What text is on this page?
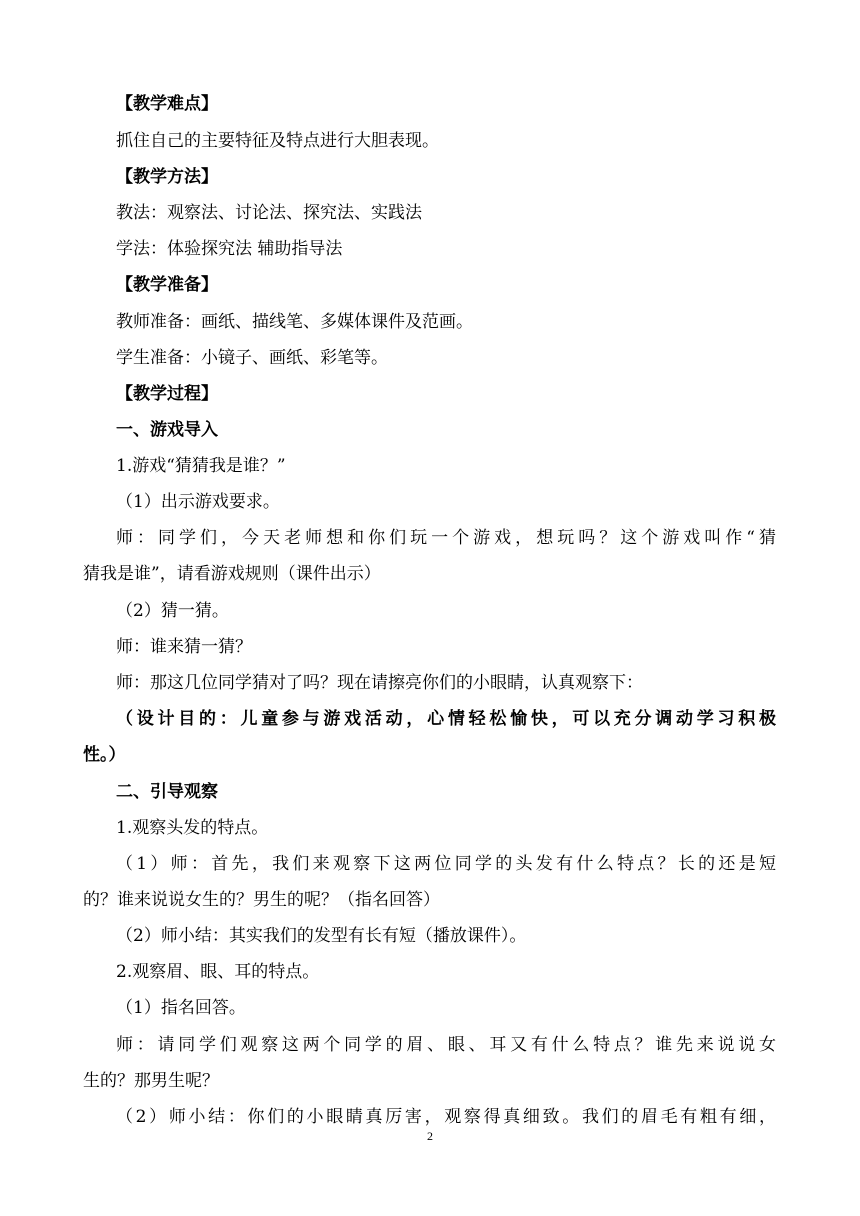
【教学难点】
抓住自己的主要特征及特点进行大胆表现。
【教学方法】
教法：观察法、讨论法、探究法、实践法
学法：体验探究法 辅助指导法
【教学准备】
教师准备：画纸、描线笔、多媒体课件及范画。
学生准备：小镜子、画纸、彩笔等。
【教学过程】
一、游戏导入
1.游戏“猜猜我是谁？”
（1）出示游戏要求。
师：同学们，今天老师想和你们玩一个游戏，想玩吗？这个游戏叫作“猜
猜我是谁”，请看游戏规则（课件出示）
（2）猜一猜。
师：谁来猜一猜？
师：那这几位同学猜对了吗？现在请擦亮你们的小眼睛，认真观察下：
（设计目的：儿童参与游戏活动，心情轻松愉快，可以充分调动学习积极
性。）
二、引导观察
1.观察头发的特点。
（1）师：首先，我们来观察下这两位同学的头发有什么特点？长的还是短
的？谁来说说女生的？男生的呢？（指名回答）
（2）师小结：其实我们的发型有长有短（播放课件）。
2.观察眉、眼、耳的特点。
（1）指名回答。
师：请同学们观察这两个同学的眉、眼、耳又有什么特点？谁先来说说女
生的？那男生呢？
（2）师小结：你们的小眼睛真厉害，观察得真细致。我们的眉毛有粗有细，
2
